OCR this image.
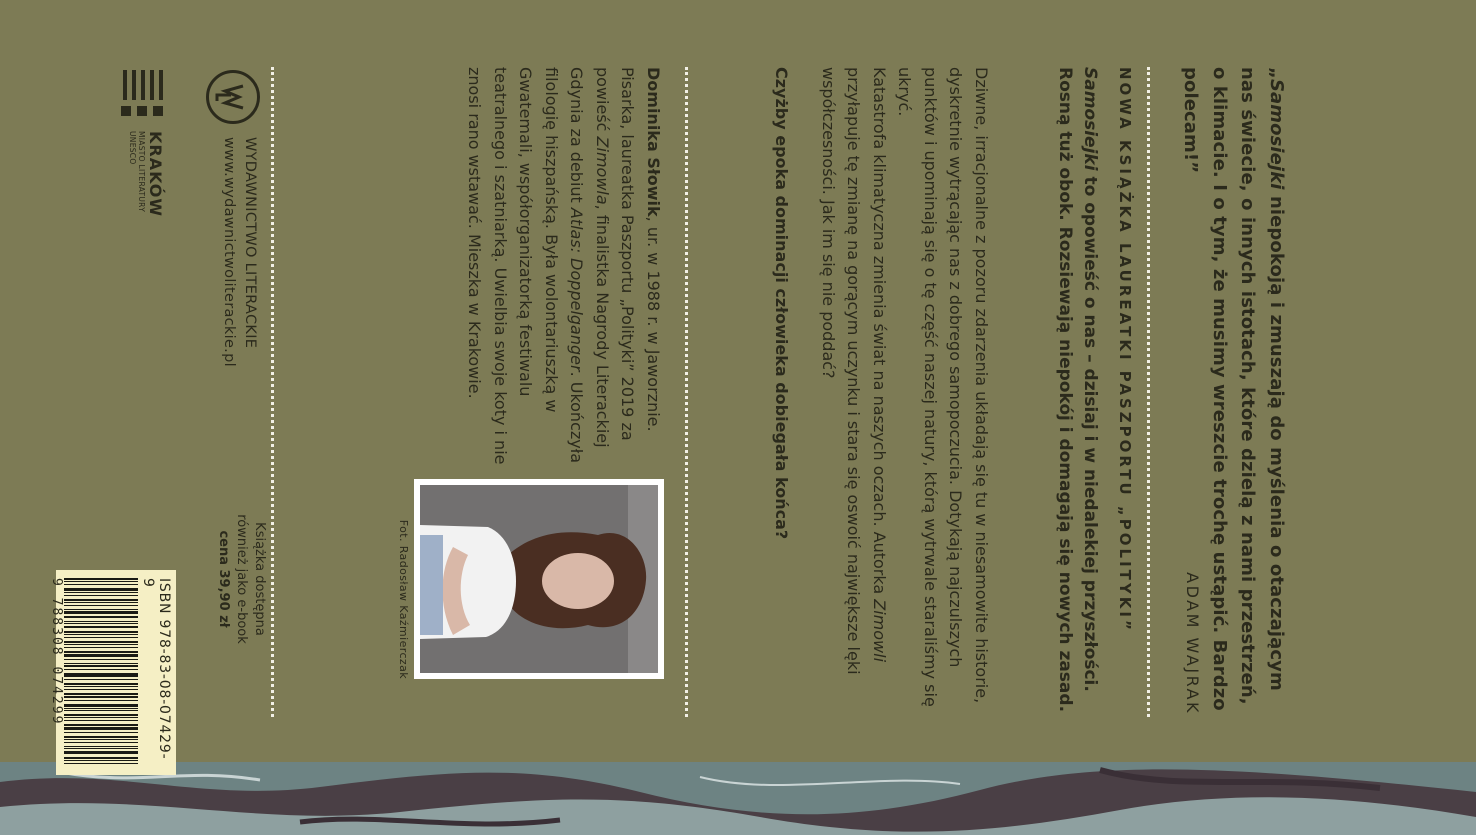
„Samosiejki niepokoją i zmuszają do myślenia o otaczającym nas świecie, o innych istotach, które dzielą z nami przestrzeń, o klimacie. I o tym, że musimy wreszcie trochę ustąpić. Bardzo polecam!”
ADAM WAJRAK
NOWA KSIĄŻKA LAUREATKI PASZPORTU „POLITYKI”
Samosiejki to opowieść o nas – dzisiaj i w niedalekiej przyszłości. Rosną tuż obok. Rozsiewają niepokój i domagają się nowych zasad.
Dziwne, irracjonalne z pozoru zdarzenia układają się tu w niesamowite historie, dyskretnie wytrącając nas z dobrego samopoczucia. Dotykają najczulszych punktów i upominają się o tę część naszej natury, którą wytrwale staraliśmy się ukryć.
Katastrofa klimatyczna zmienia świat na naszych oczach. Autorka Zimowli przyłapuje tę zmianę na gorącym uczynku i stara się oswoić największe lęki współczesności. Jak im się nie poddać?
Czyżby epoka dominacji człowieka dobiegała końca?
Dominika Słowik, ur. w 1988 r. w Jaworznie. Pisarka, laureatka Paszportu „Polityki” 2019 za powieść Zimowla, finalistka Nagrody Literackiej Gdynia za debiut Atlas: Doppelganger. Ukończyła filologię hiszpańską. Była wolontariuszką w Gwatemali, współorganizatorką festiwalu teatralnego i szatniarką. Uwielbia swoje koty i nie znosi rano wstawać. Mieszka w Krakowie.
Fot. Radosław Kaźmierczak
WYDAWNICTWO LITERACKIE
www.wydawnictwoliterackie.pl
Książka dostępna
również jako e-book
cena 39,90 zł
KRAKÓW
MIASTO LITERATURY
UNESCO
ISBN 978-83-08-07429-9
9 788308 074299
